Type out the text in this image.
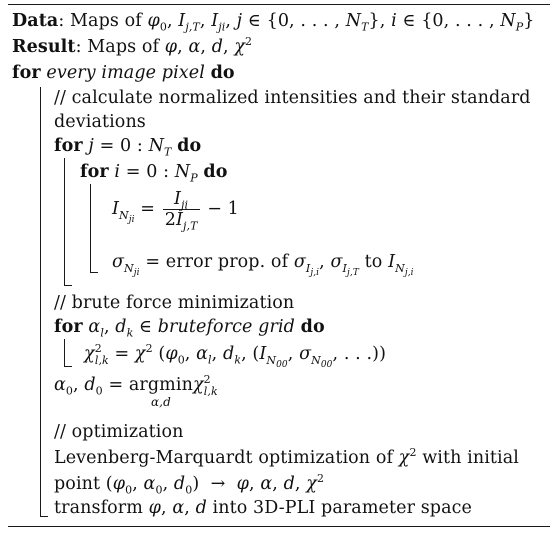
Data: Maps of $\varphi_0$, $I_{j,T}$, $I_{ji}$, j ∈ {0, . . . , $N_T$}, i ∈ {0, . . . , $N_P$}
Result: Maps of φ, α, d, $\chi^2$
for every image pixel do
// calculate normalized intensities and their standard
deviations
for j = 0 : $N_T$ do
for i = 0 : $N_P$ do
$I_{N_{ji}} = \frac{I_{ji}}{2I_{j,T}} - 1$
$\sigma_{N_{ji}}$ = error prop. of $\sigma_{I_{j,i}}$, $\sigma_{I_{j,T}}$ to $I_{N_{j,i}}$
// brute force minimization
for $\alpha_l$, $d_k$ ∈ bruteforce grid do
$\chi^2_{l,k} = \chi^2$ ($\varphi_0$, $\alpha_l$, $d_k$, ($I_{N_{00}}$, $\sigma_{N_{00}}$, . . .))
$\alpha_0$, $d_0 = argmin$
α,d
$\chi^2_{l,k}$
// optimization
Levenberg-Marquardt optimization of $\chi^2$ with initial
point ($\varphi_0$, $\alpha_0$, $d_0) \to \varphi$, α, d, $\chi^2$
transform φ, α, d into 3D-PLI parameter space
